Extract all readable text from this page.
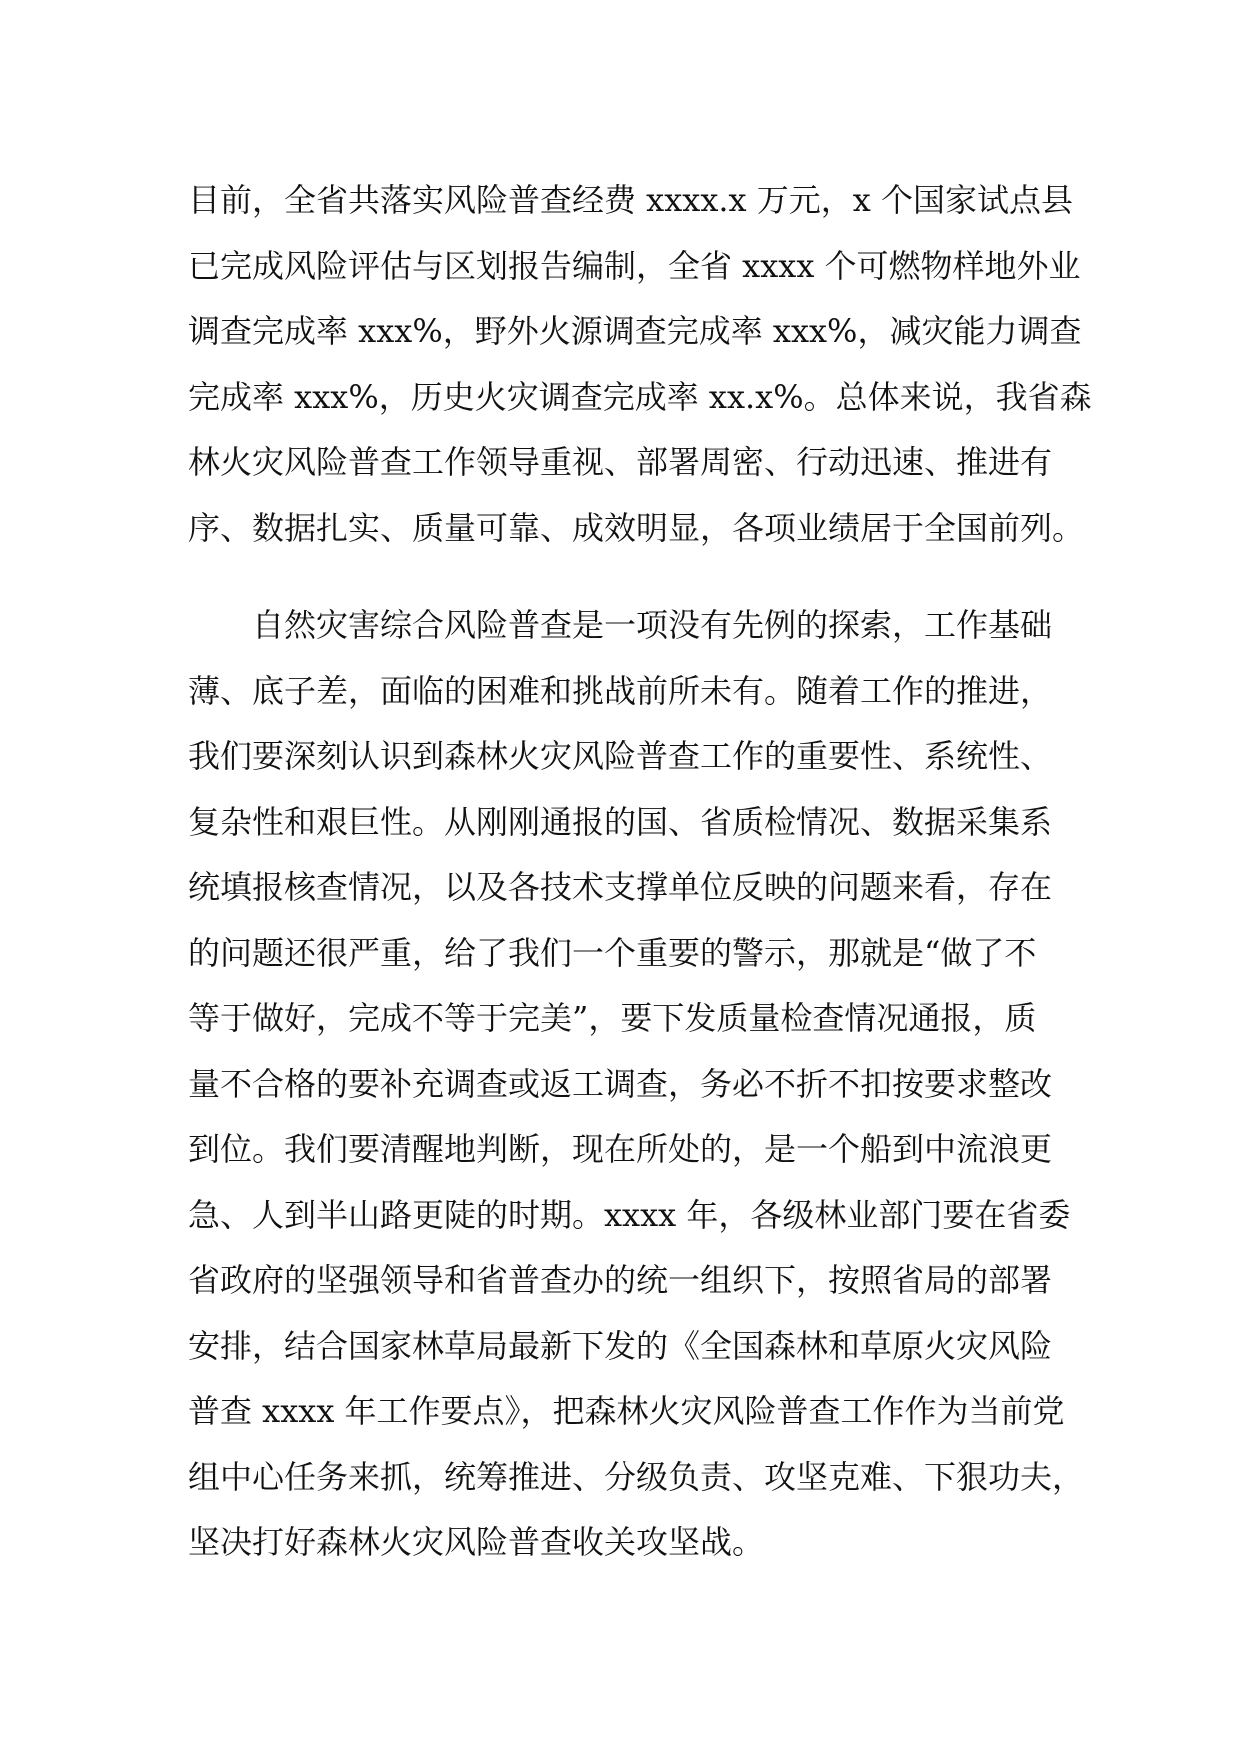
目前，全省共落实风险普查经费 xxxx.x 万元，x 个国家试点县
已完成风险评估与区划报告编制，全省 xxxx 个可燃物样地外业
调查完成率 xxx%，野外火源调查完成率 xxx%，减灾能力调查
完成率 xxx%，历史火灾调查完成率 xx.x%。总体来说，我省森
林火灾风险普查工作领导重视、部署周密、行动迅速、推进有
序、数据扎实、质量可靠、成效明显，各项业绩居于全国前列。

自然灾害综合风险普查是一项没有先例的探索，工作基础
薄、底子差，面临的困难和挑战前所未有。随着工作的推进，
我们要深刻认识到森林火灾风险普查工作的重要性、系统性、
复杂性和艰巨性。从刚刚通报的国、省质检情况、数据采集系
统填报核查情况，以及各技术支撑单位反映的问题来看，存在
的问题还很严重，给了我们一个重要的警示，那就是“做了不
等于做好，完成不等于完美”，要下发质量检查情况通报，质
量不合格的要补充调查或返工调查，务必不折不扣按要求整改
到位。我们要清醒地判断，现在所处的，是一个船到中流浪更
急、人到半山路更陡的时期。xxxx 年，各级林业部门要在省委
省政府的坚强领导和省普查办的统一组织下，按照省局的部署
安排，结合国家林草局最新下发的《全国森林和草原火灾风险
普查 xxxx 年工作要点》，把森林火灾风险普查工作作为当前党
组中心任务来抓，统筹推进、分级负责、攻坚克难、下狠功夫，
坚决打好森林火灾风险普查收关攻坚战。
